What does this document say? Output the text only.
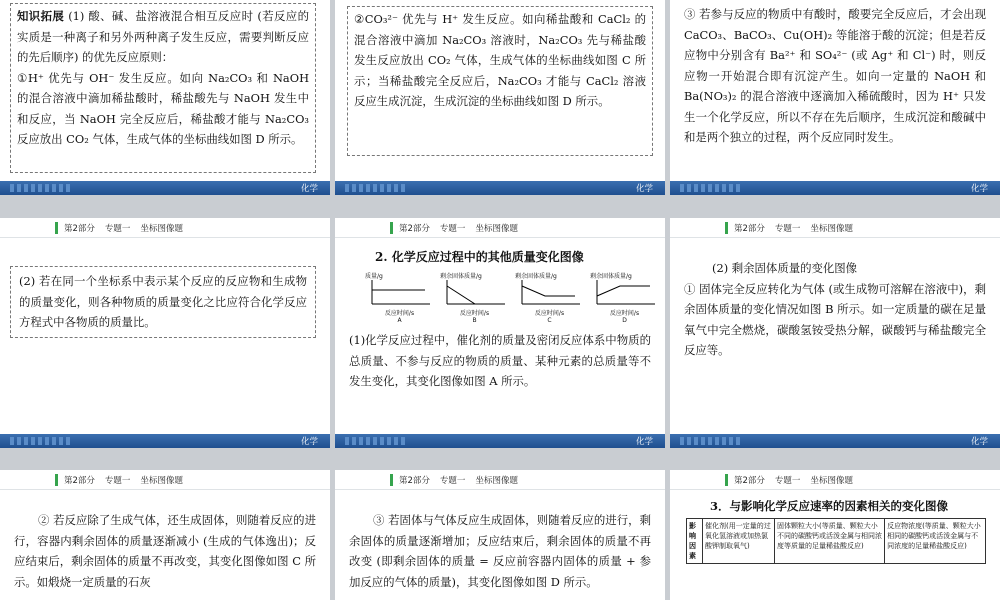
知识拓展 (1) 酸、碱、盐溶液混合相互反应时 (若反应的实质是一种离子和另外两种离子发生反应，需要判断反应的先后顺序) 的优先反应原则：
①H⁺ 优先与 OH⁻ 发生反应。如向 Na₂CO₃ 和 NaOH 的混合溶液中滴加稀盐酸时，稀盐酸先与 NaOH 发生中和反应，当 NaOH 完全反应后，稀盐酸才能与 Na₂CO₃ 反应放出 CO₂ 气体，生成气体的坐标曲线如图 D 所示。
化学
②CO₃²⁻ 优先与 H⁺ 发生反应。如向稀盐酸和 CaCl₂ 的混合溶液中滴加 Na₂CO₃ 溶液时，Na₂CO₃ 先与稀盐酸发生反应放出 CO₂ 气体，生成气体的坐标曲线如图 C 所示；当稀盐酸完全反应后，Na₂CO₃ 才能与 CaCl₂ 溶液反应生成沉淀，生成沉淀的坐标曲线如图 D 所示。
化学
③ 若参与反应的物质中有酸时，酸要完全反应后，才会出现 CaCO₃、BaCO₃、Cu(OH)₂ 等能溶于酸的沉淀；但是若反应物中分别含有 Ba²⁺ 和 SO₄²⁻ (或 Ag⁺ 和 Cl⁻) 时，则反应物一开始混合即有沉淀产生。如向一定量的 NaOH 和 Ba(NO₃)₂ 的混合溶液中逐滴加入稀硫酸时，因为 H⁺ 只发生一个化学反应，所以不存在先后顺序，生成沉淀和酸碱中和是两个独立的过程，两个反应同时发生。
化学
第2部分 专题一 坐标图像题
(2) 若在同一个坐标系中表示某个反应的反应物和生成物的质量变化，则各种物质的质量变化之比应符合化学反应方程式中各物质的质量比。
化学
第2部分 专题一 坐标图像题
2. 化学反应过程中的其他质量变化图像
质量/g
反应时间/s
A
剩余固体质量/g
反应时间/s
B
剩余固体质量/g
反应时间/s
C
剩余固体质量/g
反应时间/s
D
(1)化学反应过程中，催化剂的质量及密闭反应体系中物质的总质量、不参与反应的物质的质量、某种元素的总质量等不发生变化，其变化图像如图 A 所示。
化学
第2部分 专题一 坐标图像题
(2) 剩余固体质量的变化图像
① 固体完全反应转化为气体 (或生成物可溶解在溶液中)，剩余固体质量的变化情况如图 B 所示。如一定质量的碳在足量氧气中完全燃烧，碳酸氢铵受热分解，碳酸钙与稀盐酸完全反应等。
化学
第2部分 专题一 坐标图像题
② 若反应除了生成气体，还生成固体，则随着反应的进行，容器内剩余固体的质量逐渐减小 (生成的气体逸出)；反应结束后，剩余固体的质量不再改变，其变化图像如图 C 所示。如煅烧一定质量的石灰
第2部分 专题一 坐标图像题
③ 若固体与气体反应生成固体，则随着反应的进行，剩余固体的质量逐渐增加；反应结束后，剩余固体的质量不再改变 (即剩余固体的质量 = 反应前容器内固体的质量 + 参加反应的气体的质量)，其变化图像如图 D 所示。
第2部分 专题一 坐标图像题
3．与影响化学反应速率的因素相关的变化图像
影响因素	催化剂(用一定量的过氧化氢溶液或加热氯酸钾制取氧气)	固体颗粒大小(等质量、颗粒大小不同的碳酸钙或活泼金属与相同浓度等质量的足量稀盐酸反应)	反应物浓度(等质量、颗粒大小相同的碳酸钙或活泼金属与不同浓度的足量稀盐酸反应)
